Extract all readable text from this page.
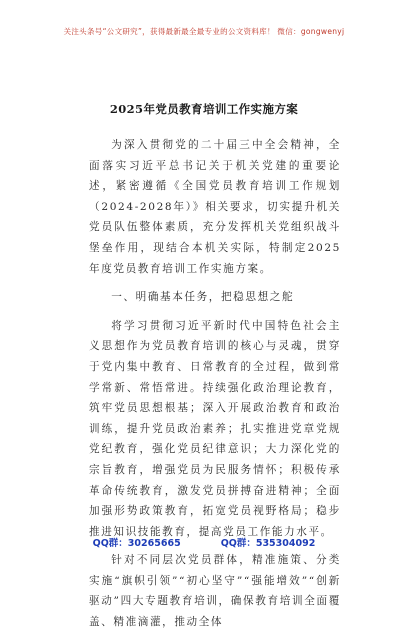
关注头条号“公文研究”，获得最新最全最专业的公文资料库！ 微信：gongwenyj
2025年党员教育培训工作实施方案

为深入贯彻党的二十届三中全会精神，全面落实习近平总书记关于机关党建的重要论述，紧密遵循《全国党员教育培训工作规划（2024-2028年）》相关要求，切实提升机关党员队伍整体素质，充分发挥机关党组织战斗堡垒作用，现结合本机关实际，特制定2025年度党员教育培训工作实施方案。

一、明确基本任务，把稳思想之舵

将学习贯彻习近平新时代中国特色社会主义思想作为党员教育培训的核心与灵魂，贯穿于党内集中教育、日常教育的全过程，做到常学常新、常悟常进。持续强化政治理论教育，筑牢党员思想根基；深入开展政治教育和政治训练，提升党员政治素养；扎实推进党章党规党纪教育，强化党员纪律意识；大力深化党的宗旨教育，增强党员为民服务情怀；积极传承革命传统教育，激发党员拼搏奋进精神；全面加强形势政策教育，拓宽党员视野格局；稳步推进知识技能教育，提高党员工作能力水平。

针对不同层次党员群体，精准施策、分类实施“旗帜引领”“初心坚守”“强能增效”“创新驱动”四大专题教育培训，确保教育培训全面覆盖、精准滴灌，推动全体

QQ群：30265665	QQ群：535304092
